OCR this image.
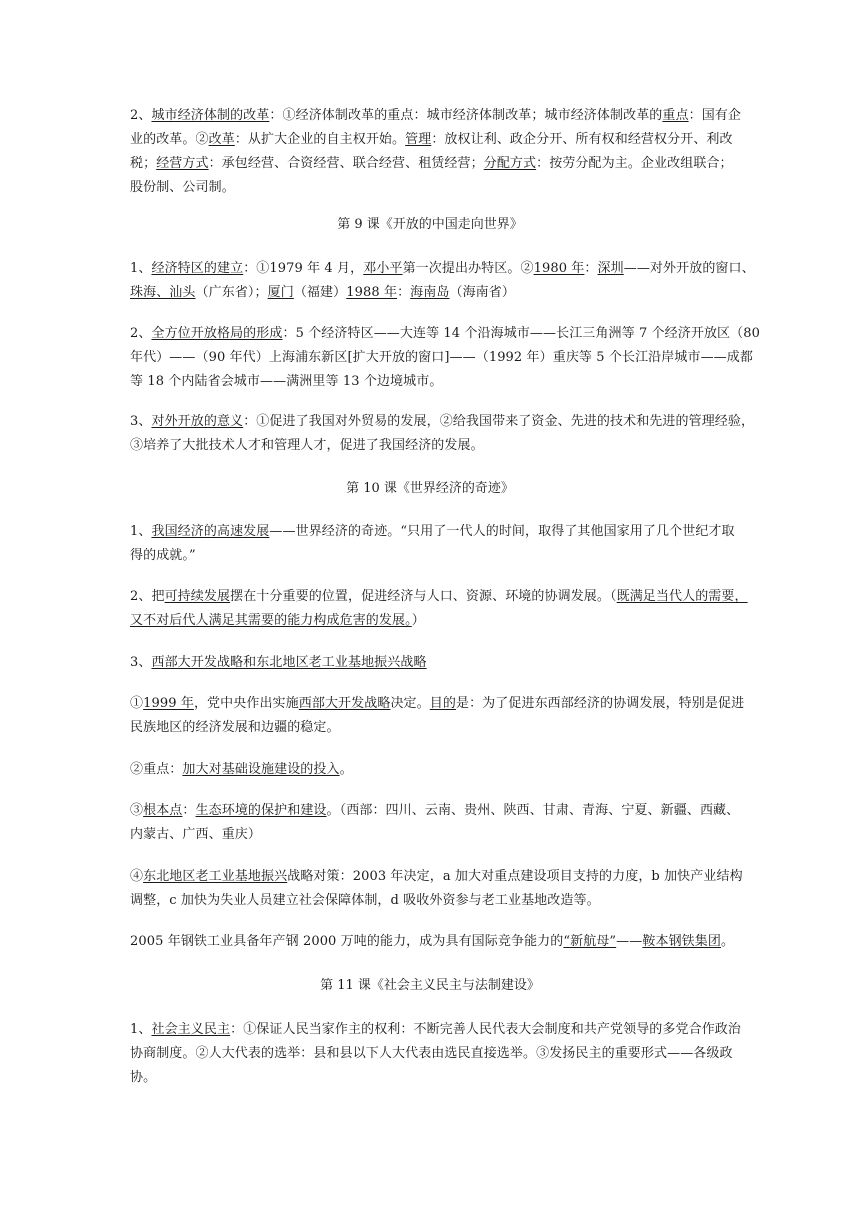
2、城市经济体制的改革：①经济体制改革的重点：城市经济体制改革；城市经济体制改革的重点：国有企
业的改革。②改革：从扩大企业的自主权开始。管理：放权让利、政企分开、所有权和经营权分开、利改
税；经营方式：承包经营、合资经营、联合经营、租赁经营；分配方式：按劳分配为主。企业改组联合；
股份制、公司制。
第 9 课《开放的中国走向世界》
1、经济特区的建立：①1979 年 4 月，邓小平第一次提出办特区。②1980 年：深圳——对外开放的窗口、
珠海、汕头（广东省）；厦门（福建）1988 年：海南岛（海南省）
2、全方位开放格局的形成：5 个经济特区——大连等 14 个沿海城市——长江三角洲等 7 个经济开放区（80
年代）——（90 年代）上海浦东新区[扩大开放的窗口]——（1992 年）重庆等 5 个长江沿岸城市——成都
等 18 个内陆省会城市——满洲里等 13 个边境城市。
3、对外开放的意义：①促进了我国对外贸易的发展，②给我国带来了资金、先进的技术和先进的管理经验，
③培养了大批技术人才和管理人才，促进了我国经济的发展。
第 10 课《世界经济的奇迹》
1、我国经济的高速发展——世界经济的奇迹。“只用了一代人的时间，取得了其他国家用了几个世纪才取
得的成就。”
2、把可持续发展摆在十分重要的位置，促进经济与人口、资源、环境的协调发展。（既满足当代人的需要，
又不对后代人满足其需要的能力构成危害的发展。）
3、西部大开发战略和东北地区老工业基地振兴战略
①1999 年，党中央作出实施西部大开发战略决定。目的是：为了促进东西部经济的协调发展，特别是促进
民族地区的经济发展和边疆的稳定。
②重点：加大对基础设施建设的投入。
③根本点：生态环境的保护和建设。（西部：四川、云南、贵州、陕西、甘肃、青海、宁夏、新疆、西藏、
内蒙古、广西、重庆）
④东北地区老工业基地振兴战略对策：2003 年决定，a 加大对重点建设项目支持的力度，b 加快产业结构
调整，c 加快为失业人员建立社会保障体制，d 吸收外资参与老工业基地改造等。
2005 年钢铁工业具备年产钢 2000 万吨的能力，成为具有国际竞争能力的“新航母”——鞍本钢铁集团。
第 11 课《社会主义民主与法制建设》
1、社会主义民主：①保证人民当家作主的权利：不断完善人民代表大会制度和共产党领导的多党合作政治
协商制度。②人大代表的选举：县和县以下人大代表由选民直接选举。③发扬民主的重要形式——各级政
协。
